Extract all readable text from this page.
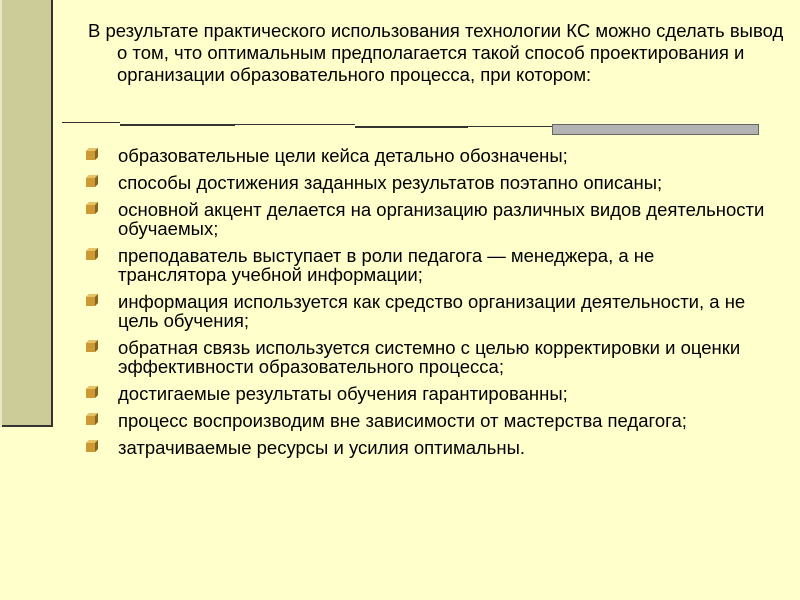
В результате практического использования технологии КС можно сделать вывод о том, что оптимальным предполагается такой способ проектирования и организации образовательного процесса, при котором:
образовательные цели кейса детально обозначены;
способы достижения заданных результатов поэтапно описаны;
основной акцент делается на организацию различных видов деятельности обучаемых;
преподаватель выступает в роли педагога — менеджера, а не транслятора учебной информации;
информация используется как средство организации деятельности, а не цель обучения;
обратная связь используется системно с целью корректировки и оценки эффективности образовательного процесса;
достигаемые результаты обучения гарантированны;
процесс воспроизводим вне зависимости от мастерства педагога;
затрачиваемые ресурсы и усилия оптимальны.
